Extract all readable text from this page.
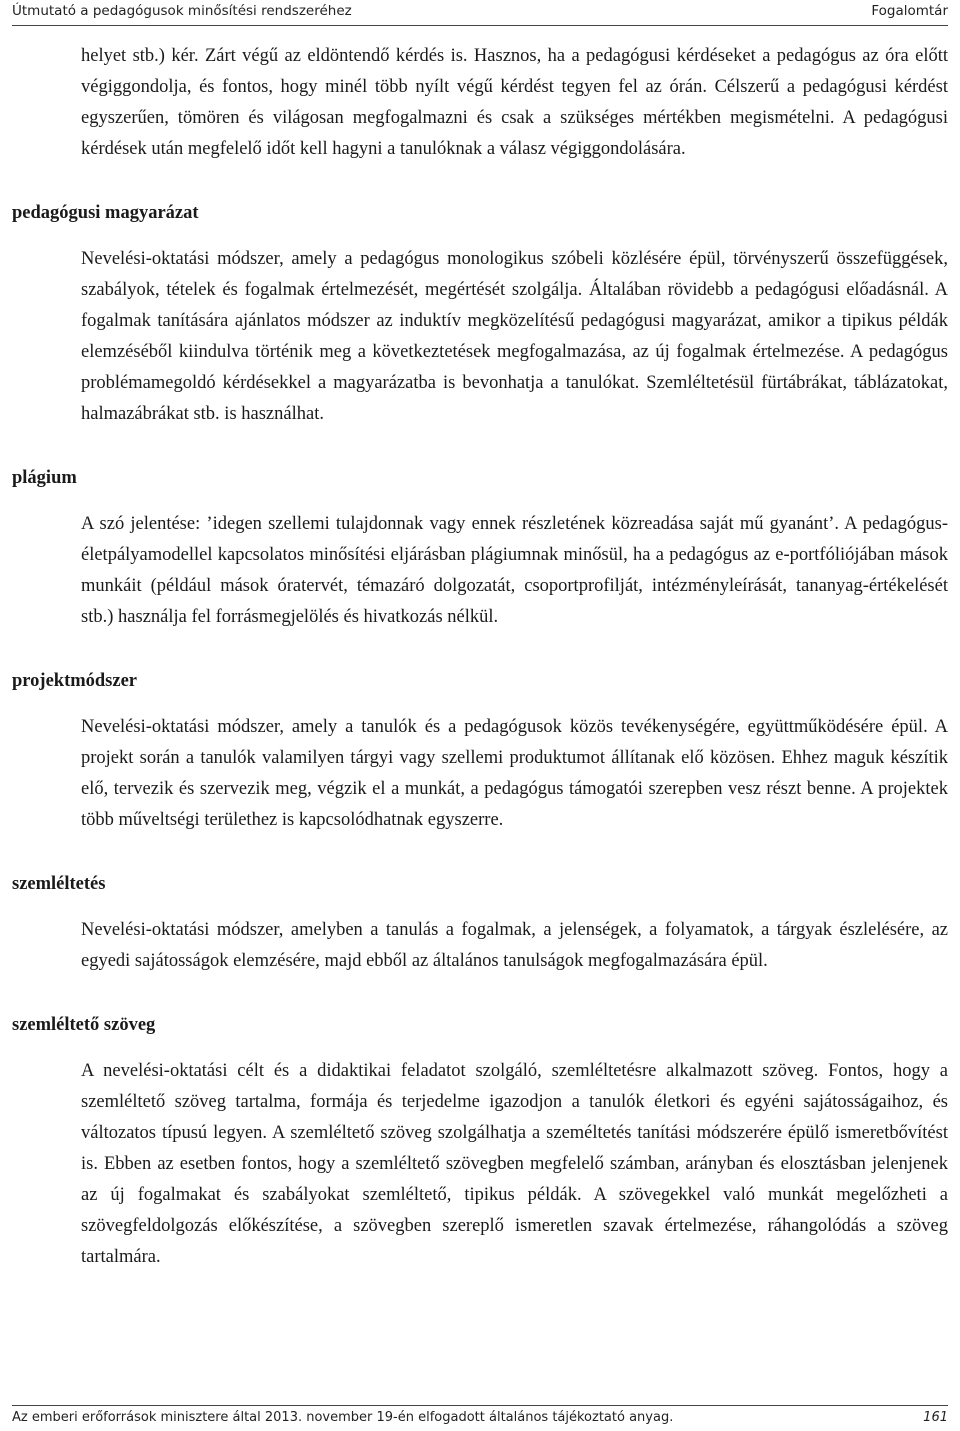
Útmutató a pedagógusok minősítési rendszeréhez	Fogalomtár

helyet stb.) kér. Zárt végű az eldöntendő kérdés is. Hasznos, ha a pedagógusi kérdéseket a pedagógus az óra előtt végiggondolja, és fontos, hogy minél több nyílt végű kérdést tegyen fel az órán. Célszerű a pedagógusi kérdést egyszerűen, tömören és világosan megfogalmazni és csak a szükséges mértékben megismételni. A pedagógusi kérdések után megfelelő időt kell hagyni a tanulóknak a válasz végiggondolására.

pedagógusi magyarázat

Nevelési-oktatási módszer, amely a pedagógus monologikus szóbeli közlésére épül, törvényszerű összefüggések, szabályok, tételek és fogalmak értelmezését, megértését szolgálja. Általában rövidebb a pedagógusi előadásnál. A fogalmak tanítására ajánlatos módszer az induktív megközelítésű pedagógusi magyarázat, amikor a tipikus példák elemzéséből kiindulva történik meg a következtetések megfogalmazása, az új fogalmak értelmezése. A pedagógus problémamegoldó kérdésekkel a magyarázatba is bevonhatja a tanulókat. Szemléltetésül fürtábrákat, táblázatokat, halmazábrákat stb. is használhat.

plágium

A szó jelentése: ’idegen szellemi tulajdonnak vagy ennek részletének közreadása saját mű gyanánt’. A pedagógus-életpályamodellel kapcsolatos minősítési eljárásban plágiumnak minősül, ha a pedagógus az e-portfóliójában mások munkáit (például mások óratervét, témazáró dolgozatát, csoportprofilját, intézményleírását, tananyag-értékelését stb.) használja fel forrásmegjelölés és hivatkozás nélkül.

projektmódszer

Nevelési-oktatási módszer, amely a tanulók és a pedagógusok közös tevékenységére, együttműködésére épül. A projekt során a tanulók valamilyen tárgyi vagy szellemi produktumot állítanak elő közösen. Ehhez maguk készítik elő, tervezik és szervezik meg, végzik el a munkát, a pedagógus támogatói szerepben vesz részt benne. A projektek több műveltségi területhez is kapcsolódhatnak egyszerre.

szemléltetés

Nevelési-oktatási módszer, amelyben a tanulás a fogalmak, a jelenségek, a folyamatok, a tárgyak észlelésére, az egyedi sajátosságok elemzésére, majd ebből az általános tanulságok megfogalmazására épül.

szemléltető szöveg

A nevelési-oktatási célt és a didaktikai feladatot szolgáló, szemléltetésre alkalmazott szöveg. Fontos, hogy a szemléltető szöveg tartalma, formája és terjedelme igazodjon a tanulók életkori és egyéni sajátosságaihoz, és változatos típusú legyen. A szemléltető szöveg szolgálhatja a személtetés tanítási módszerére épülő ismeretbővítést is. Ebben az esetben fontos, hogy a szemléltető szövegben megfelelő számban, arányban és elosztásban jelenjenek az új fogalmakat és szabályokat szemléltető, tipikus példák. A szövegekkel való munkát megelőzheti a szövegfeldolgozás előkészítése, a szövegben szereplő ismeretlen szavak értelmezése, ráhangolódás a szöveg tartalmára.

Az emberi erőforrások minisztere által 2013. november 19-én elfogadott általános tájékoztató anyag.	161
